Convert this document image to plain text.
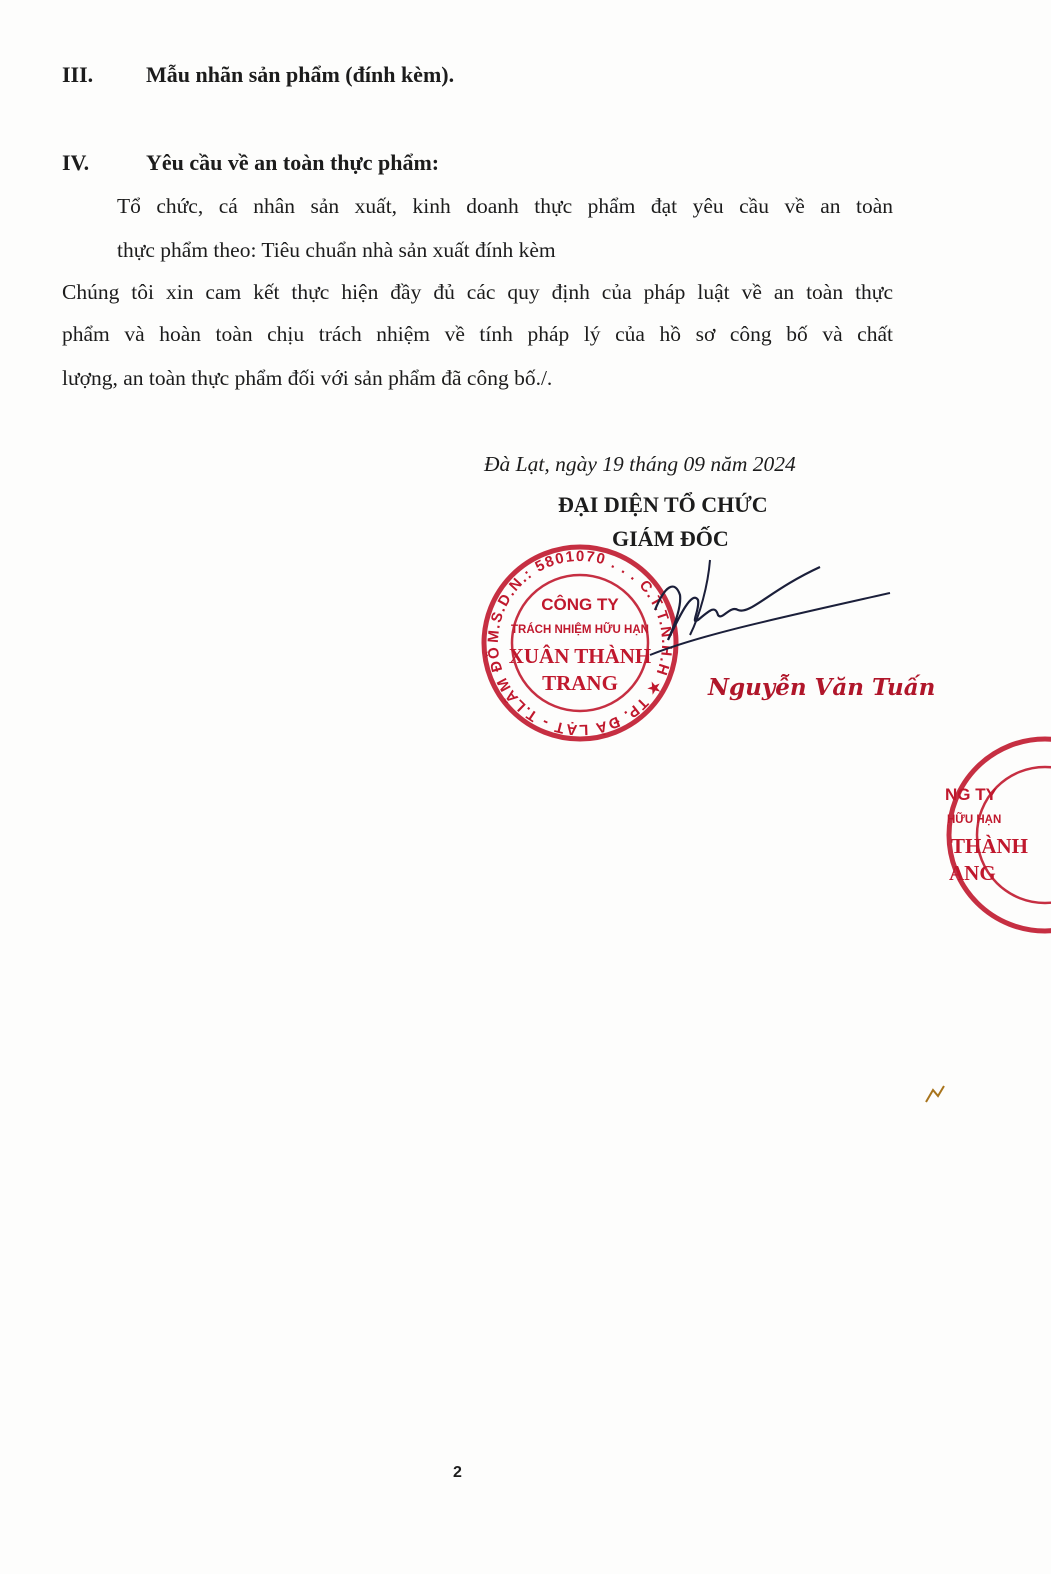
III. Mẫu nhãn sản phẩm (đính kèm).
IV.	Yêu cầu về an toàn thực phẩm:
Tổ chức, cá nhân sản xuất, kinh doanh thực phẩm đạt yêu cầu về an toàn
thực phẩm theo: Tiêu chuẩn nhà sản xuất đính kèm
Chúng tôi xin cam kết thực hiện đầy đủ các quy định của pháp luật về an toàn thực
phẩm và hoàn toàn chịu trách nhiệm về tính pháp lý của hồ sơ công bố và chất
lượng, an toàn thực phẩm đối với sản phẩm đã công bố./.
Đà Lạt, ngày 19 tháng 09 năm 2024
ĐẠI DIỆN TỔ CHỨC
GIÁM ĐỐC
M.S.D.N.: 5801070 . . . C.T.T.N.H.H ★ TP. ĐÀ LẠT - T.LÂM ĐỒNG ★
CÔNG TY
TRÁCH NHIỆM HỮU HẠN
XUÂN THÀNH
TRANG	Nguyễn Văn Tuấn
NG TY
HỮU HẠN
THÀNH
ANG
2
